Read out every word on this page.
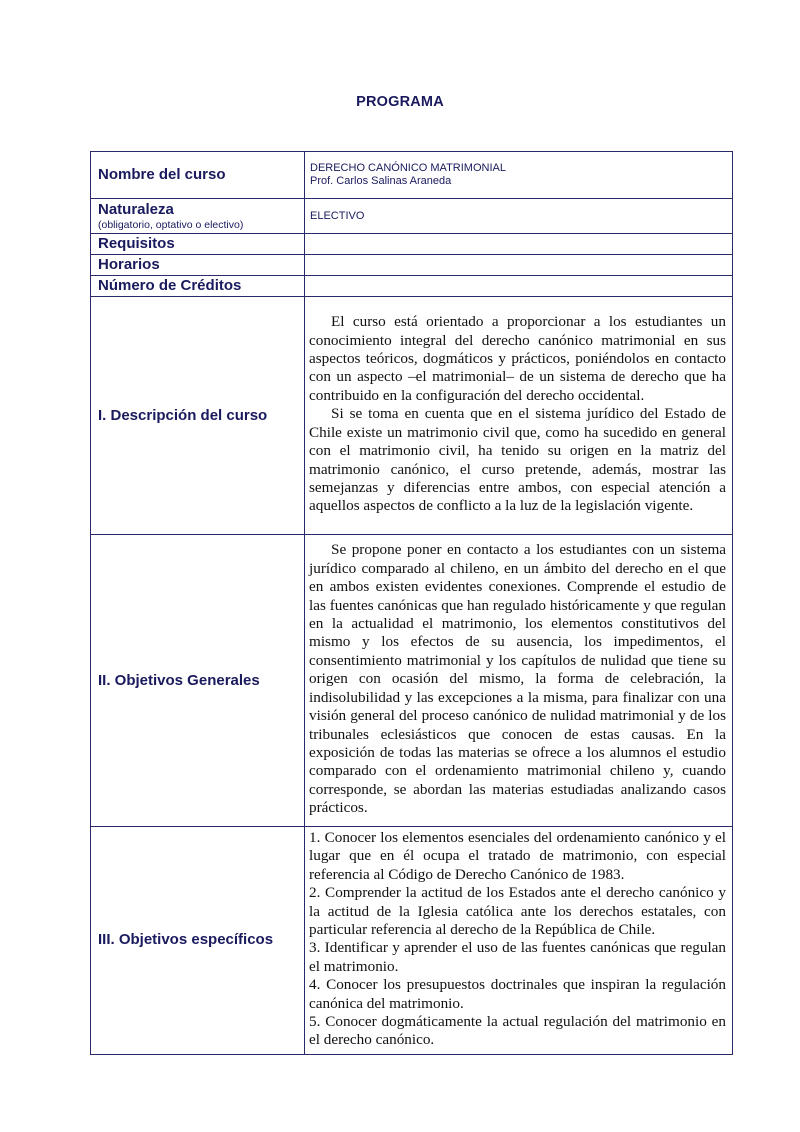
PROGRAMA
Nombre del curso	DERECHO CANÓNICO MATRIMONIAL
Prof. Carlos Salinas Araneda

Naturaleza
(obligatorio, optativo o electivo)	ELECTIVO
Requisitos	
Horarios	
Número de Créditos	
I. Descripción del curso	El curso está orientado a proporcionar a los estudiantes un conocimiento integral del derecho canónico matrimonial en sus aspectos teóricos, dogmáticos y prácticos, poniéndolos en contacto con un aspecto –el matrimonial– de un sistema de derecho que ha contribuido en la configuración del derecho occidental.

Si se toma en cuenta que en el sistema jurídico del Estado de Chile existe un matrimonio civil que, como ha sucedido en general con el matrimonio civil, ha tenido su origen en la matriz del matrimonio canónico, el curso pretende, además, mostrar las semejanzas y diferencias entre ambos, con especial atención a aquellos aspectos de conflicto a la luz de la legislación vigente.

II. Objetivos Generales	Se propone poner en contacto a los estudiantes con un sistema jurídico comparado al chileno, en un ámbito del derecho en el que en ambos existen evidentes conexiones. Comprende el estudio de las fuentes canónicas que han regulado históricamente y que regulan en la actualidad el matrimonio, los elementos constitutivos del mismo y los efectos de su ausencia, los impedimentos, el consentimiento matrimonial y los capítulos de nulidad que tiene su origen con ocasión del mismo, la forma de celebración, la indisolubilidad y las excepciones a la misma, para finalizar con una visión general del proceso canónico de nulidad matrimonial y de los tribunales eclesiásticos que conocen de estas causas. En la exposición de todas las materias se ofrece a los alumnos el estudio comparado con el ordenamiento matrimonial chileno y, cuando corresponde, se abordan las materias estudiadas analizando casos prácticos.

III. Objetivos específicos	1. Conocer los elementos esenciales del ordenamiento canónico y el lugar que en él ocupa el tratado de matrimonio, con especial referencia al Código de Derecho Canónico de 1983.

2. Comprender la actitud de los Estados ante el derecho canónico y la actitud de la Iglesia católica ante los derechos estatales, con particular referencia al derecho de la República de Chile.

3. Identificar y aprender el uso de las fuentes canónicas que regulan el matrimonio.

4. Conocer los presupuestos doctrinales que inspiran la regulación canónica del matrimonio.

5. Conocer dogmáticamente la actual regulación del matrimonio en el derecho canónico.
